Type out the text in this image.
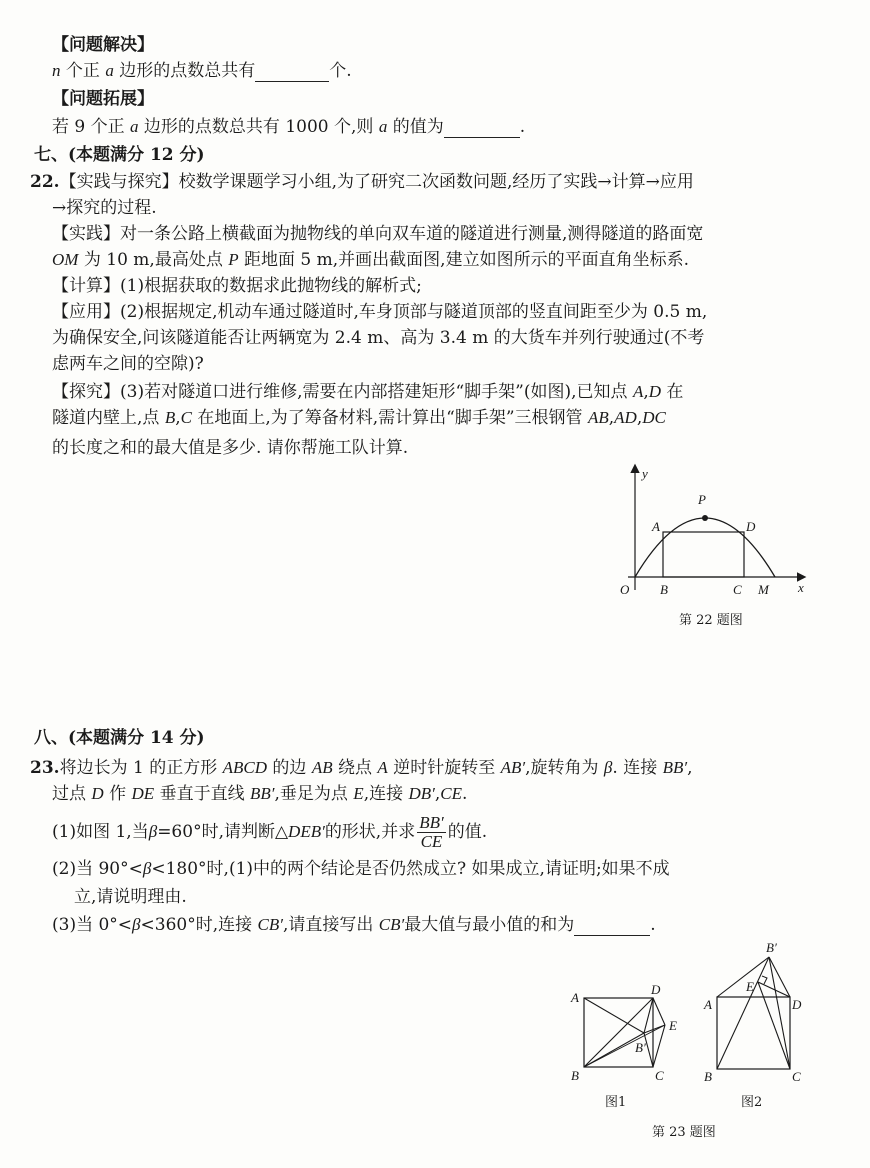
【问题解决】
n 个正 a 边形的点数总共有	个.
【问题拓展】
若 9 个正 a 边形的点数总共有 1000 个,则 a 的值为	.
七、(本题满分 12 分)
22.【实践与探究】校数学课题学习小组,为了研究二次函数问题,经历了实践→计算→应用
→探究的过程.
【实践】对一条公路上横截面为抛物线的单向双车道的隧道进行测量,测得隧道的路面宽
OM 为 10 m,最高处点 P 距地面 5 m,并画出截面图,建立如图所示的平面直角坐标系.
【计算】(1)根据获取的数据求此抛物线的解析式;
【应用】(2)根据规定,机动车通过隧道时,车身顶部与隧道顶部的竖直间距至少为 0.5 m,
为确保安全,问该隧道能否让两辆宽为 2.4 m、高为 3.4 m 的大货车并列行驶通过(不考
虑两车之间的空隙)?
【探究】(3)若对隧道口进行维修,需要在内部搭建矩形“脚手架”(如图),已知点 A,D 在
隧道内壁上,点 B,C 在地面上,为了筹备材料,需计算出“脚手架”三根钢管 AB,AD,DC
的长度之和的最大值是多少. 请你帮施工队计算.
y
x
O
P
A	D
B	C M
第 22 题图
八、(本题满分 14 分)
23.将边长为 1 的正方形 ABCD 的边 AB 绕点 A 逆时针旋转至 AB′,旋转角为 β. 连接 BB′,
过点 D 作 DE 垂直于直线 BB′,垂足为点 E,连接 DB′,CE.
(1)如图 1,当 β =60°时,请判断△ DEB′ 的形状,并求 $\frac{BB'}{CE}$ 的值.
(2)当 90°<β<180°时,(1)中的两个结论是否仍然成立? 如果成立,请证明;如果不成
立,请说明理由.
(3)当 0°<β<360°时,连接 CB′,请直接写出 CB′最大值与最小值的和为	.
A
B	C
D
E
B′
图1
B′
A	D
E
B	C
图2
第 23 题图
